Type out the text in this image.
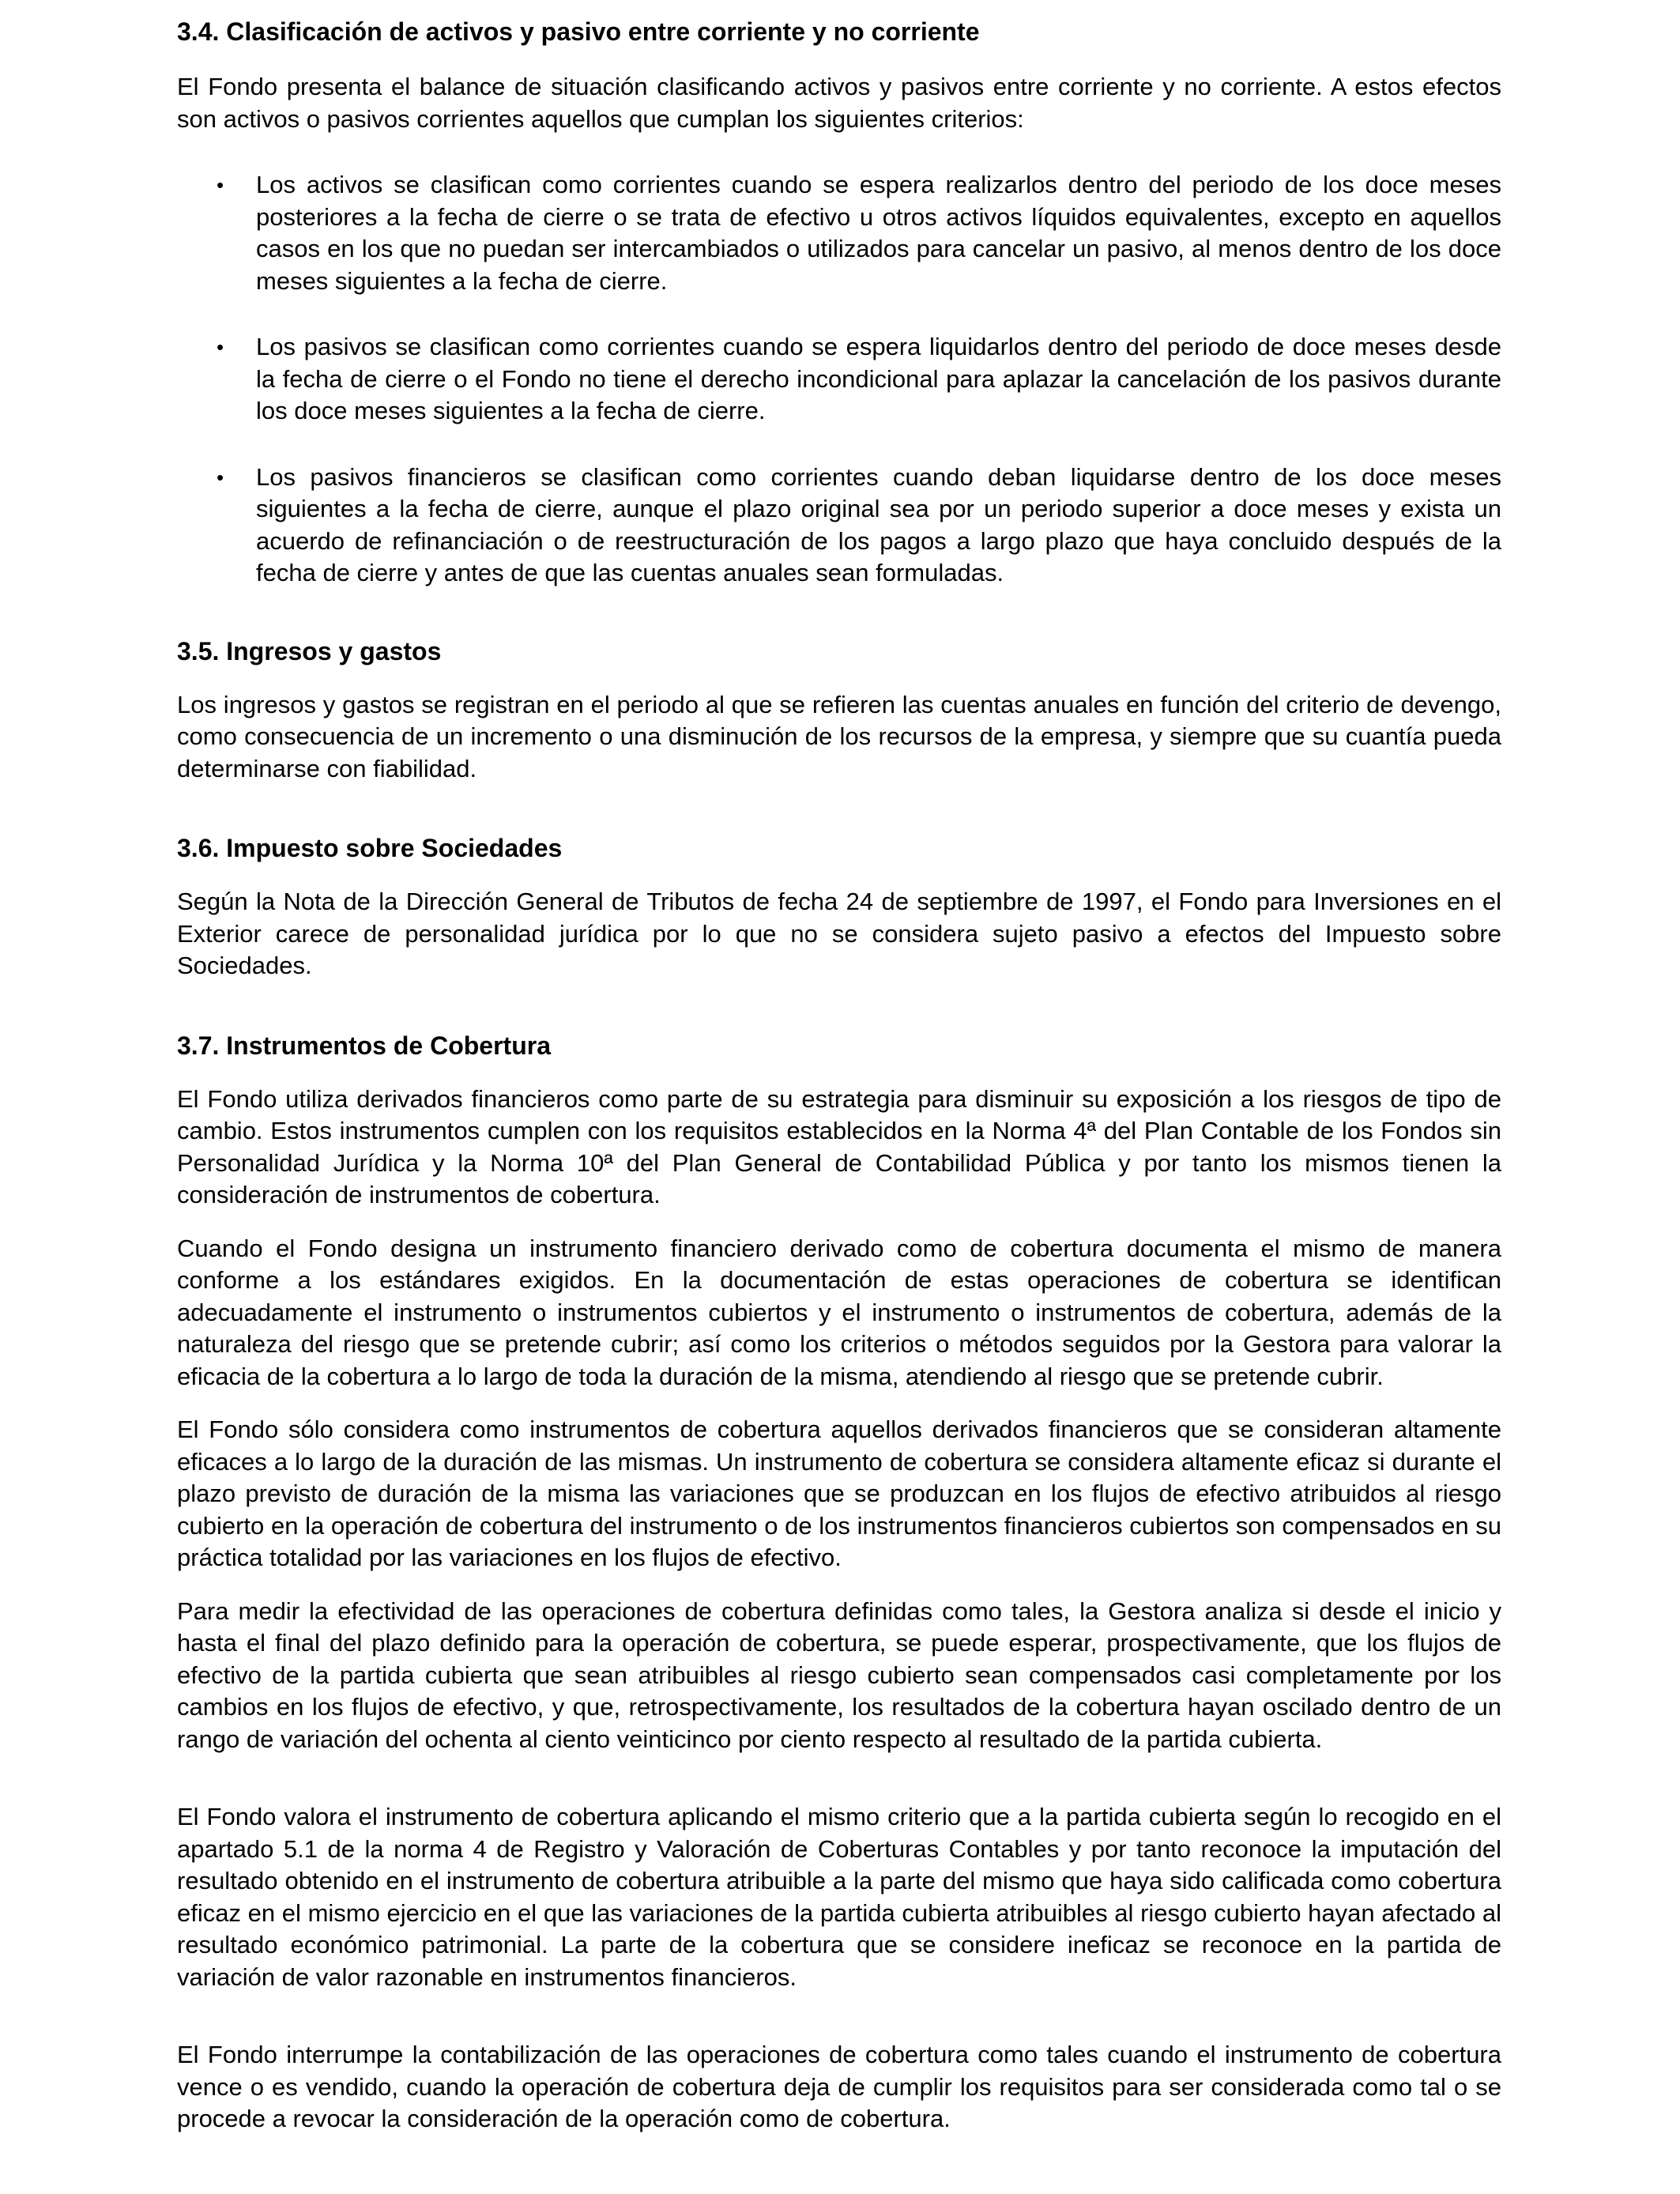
3.4. Clasificación de activos y pasivo entre corriente y no corriente

El Fondo presenta el balance de situación clasificando activos y pasivos entre corriente y no corriente. A estos efectos son activos o pasivos corrientes aquellos que cumplan los siguientes criterios:

• Los activos se clasifican como corrientes cuando se espera realizarlos dentro del periodo de los doce meses posteriores a la fecha de cierre o se trata de efectivo u otros activos líquidos equivalentes, excepto en aquellos casos en los que no puedan ser intercambiados o utilizados para cancelar un pasivo, al menos dentro de los doce meses siguientes a la fecha de cierre.
• Los pasivos se clasifican como corrientes cuando se espera liquidarlos dentro del periodo de doce meses desde la fecha de cierre o el Fondo no tiene el derecho incondicional para aplazar la cancelación de los pasivos durante los doce meses siguientes a la fecha de cierre.
• Los pasivos financieros se clasifican como corrientes cuando deban liquidarse dentro de los doce meses siguientes a la fecha de cierre, aunque el plazo original sea por un periodo superior a doce meses y exista un acuerdo de refinanciación o de reestructuración de los pagos a largo plazo que haya concluido después de la fecha de cierre y antes de que las cuentas anuales sean formuladas.
3.5. Ingresos y gastos

Los ingresos y gastos se registran en el periodo al que se refieren las cuentas anuales en función del criterio de devengo, como consecuencia de un incremento o una disminución de los recursos de la empresa, y siempre que su cuantía pueda determinarse con fiabilidad.

3.6. Impuesto sobre Sociedades

Según la Nota de la Dirección General de Tributos de fecha 24 de septiembre de 1997, el Fondo para Inversiones en el Exterior carece de personalidad jurídica por lo que no se considera sujeto pasivo a efectos del Impuesto sobre Sociedades.

3.7. Instrumentos de Cobertura

El Fondo utiliza derivados financieros como parte de su estrategia para disminuir su exposición a los riesgos de tipo de cambio. Estos instrumentos cumplen con los requisitos establecidos en la Norma 4ª del Plan Contable de los Fondos sin Personalidad Jurídica y la Norma 10ª del Plan General de Contabilidad Pública y por tanto los mismos tienen la consideración de instrumentos de cobertura.

Cuando el Fondo designa un instrumento financiero derivado como de cobertura documenta el mismo de manera conforme a los estándares exigidos. En la documentación de estas operaciones de cobertura se identifican adecuadamente el instrumento o instrumentos cubiertos y el instrumento o instrumentos de cobertura, además de la naturaleza del riesgo que se pretende cubrir; así como los criterios o métodos seguidos por la Gestora para valorar la eficacia de la cobertura a lo largo de toda la duración de la misma, atendiendo al riesgo que se pretende cubrir.

El Fondo sólo considera como instrumentos de cobertura aquellos derivados financieros que se consideran altamente eficaces a lo largo de la duración de las mismas. Un instrumento de cobertura se considera altamente eficaz si durante el plazo previsto de duración de la misma las variaciones que se produzcan en los flujos de efectivo atribuidos al riesgo cubierto en la operación de cobertura del instrumento o de los instrumentos financieros cubiertos son compensados en su práctica totalidad por las variaciones en los flujos de efectivo.

Para medir la efectividad de las operaciones de cobertura definidas como tales, la Gestora analiza si desde el inicio y hasta el final del plazo definido para la operación de cobertura, se puede esperar, prospectivamente, que los flujos de efectivo de la partida cubierta que sean atribuibles al riesgo cubierto sean compensados casi completamente por los cambios en los flujos de efectivo, y que, retrospectivamente, los resultados de la cobertura hayan oscilado dentro de un rango de variación del ochenta al ciento veinticinco por ciento respecto al resultado de la partida cubierta.

El Fondo valora el instrumento de cobertura aplicando el mismo criterio que a la partida cubierta según lo recogido en el apartado 5.1 de la norma 4 de Registro y Valoración de Coberturas Contables y por tanto reconoce la imputación del resultado obtenido en el instrumento de cobertura atribuible a la parte del mismo que haya sido calificada como cobertura eficaz en el mismo ejercicio en el que las variaciones de la partida cubierta atribuibles al riesgo cubierto hayan afectado al resultado económico patrimonial. La parte de la cobertura que se considere ineficaz se reconoce en la partida de variación de valor razonable en instrumentos financieros.

El Fondo interrumpe la contabilización de las operaciones de cobertura como tales cuando el instrumento de cobertura vence o es vendido, cuando la operación de cobertura deja de cumplir los requisitos para ser considerada como tal o se procede a revocar la consideración de la operación como de cobertura.
